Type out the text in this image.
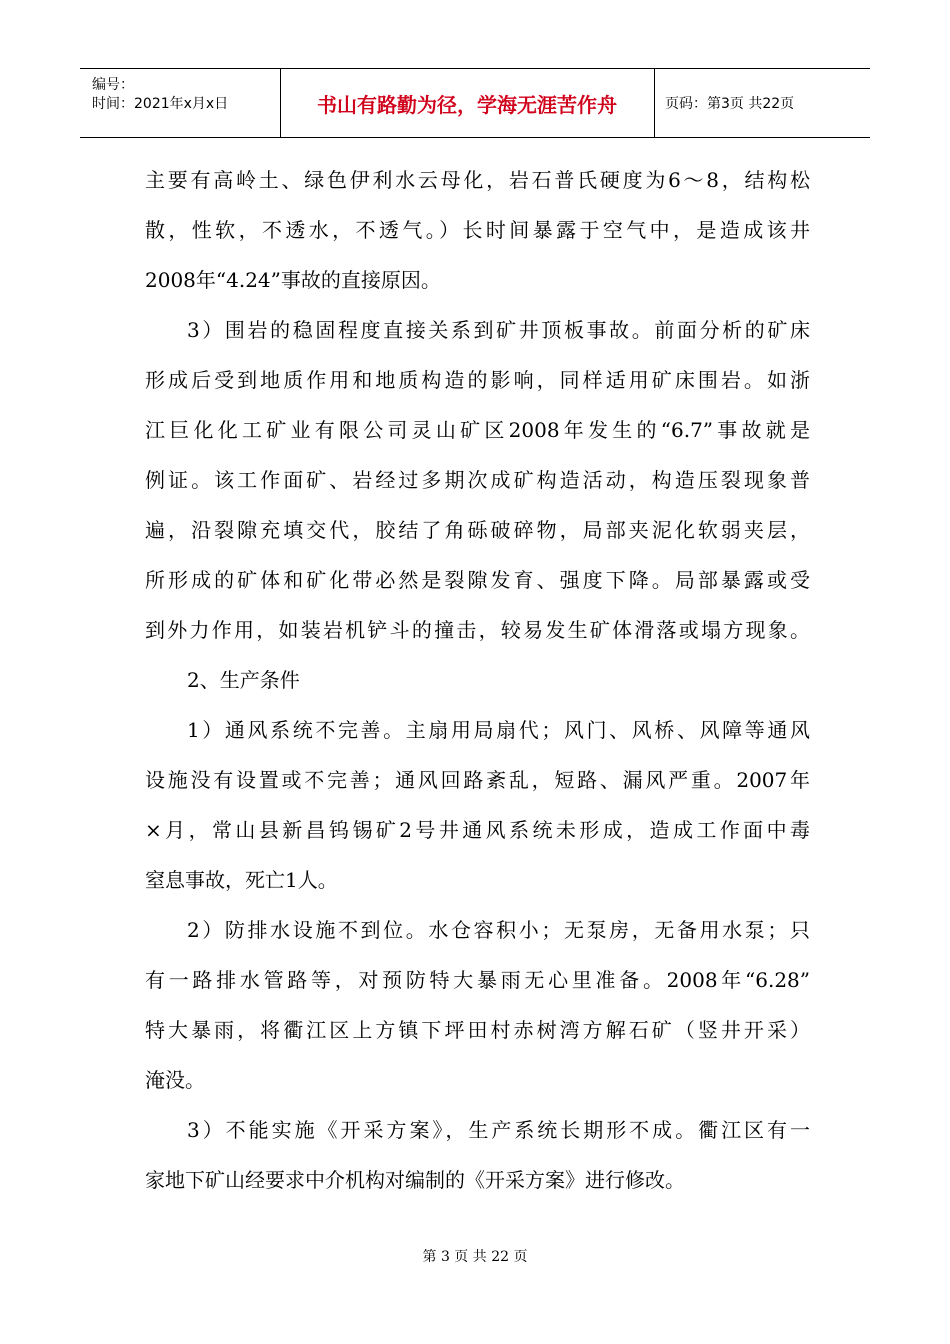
编号：
时间：2021年x月x日	书山有路勤为径，学海无涯苦作舟	页码：第3页 共22页
主要有高岭土、绿色伊利水云母化，岩石普氏硬度为6～8，结构松
散，性软，不透水，不透气。）长时间暴露于空气中，是造成该井
2008年“4.24”事故的直接原因。
3）围岩的稳固程度直接关系到矿井顶板事故。前面分析的矿床
形成后受到地质作用和地质构造的影响，同样适用矿床围岩。如浙
江巨化化工矿业有限公司灵山矿区2008年发生的“6.7”事故就是
例证。该工作面矿、岩经过多期次成矿构造活动，构造压裂现象普
遍，沿裂隙充填交代，胶结了角砾破碎物，局部夹泥化软弱夹层，
所形成的矿体和矿化带必然是裂隙发育、强度下降。局部暴露或受
到外力作用，如装岩机铲斗的撞击，较易发生矿体滑落或塌方现象。
2、生产条件
1）通风系统不完善。主扇用局扇代；风门、风桥、风障等通风
设施没有设置或不完善；通风回路紊乱，短路、漏风严重。2007年
×月，常山县新昌钨锡矿2号井通风系统未形成，造成工作面中毒
窒息事故，死亡1人。
2）防排水设施不到位。水仓容积小；无泵房，无备用水泵；只
有一路排水管路等，对预防特大暴雨无心里准备。2008年“6.28”
特大暴雨，将衢江区上方镇下坪田村赤树湾方解石矿（竖井开采）
淹没。
3）不能实施《开采方案》，生产系统长期形不成。衢江区有一
家地下矿山经要求中介机构对编制的《开采方案》进行修改。
第 3 页 共 22 页
